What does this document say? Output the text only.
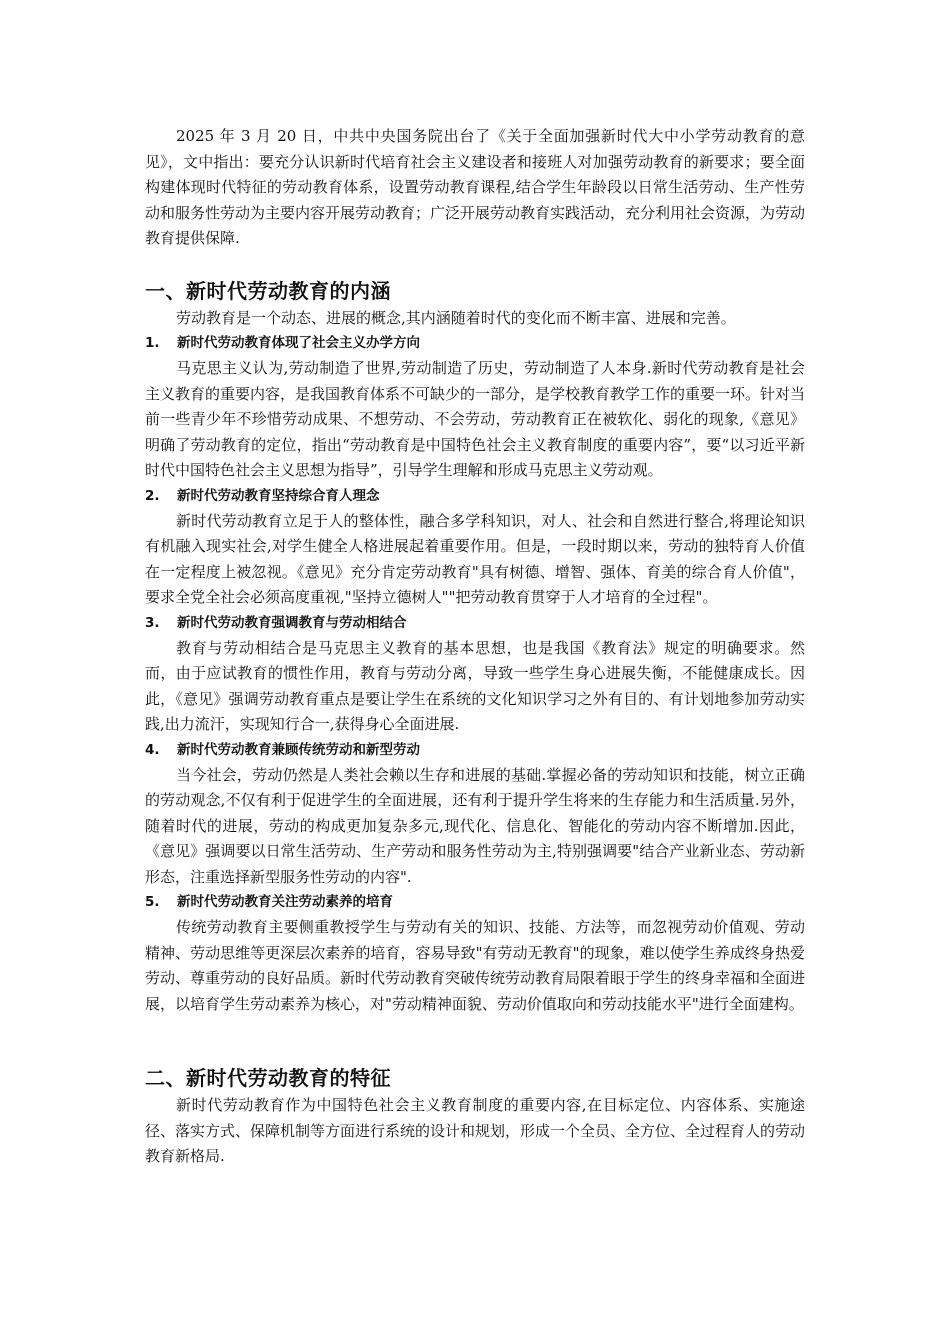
2025 年 3 月 20 日，中共中央国务院出台了《关于全面加强新时代大中小学劳动教育的意见》，文中指出：要充分认识新时代培育社会主义建设者和接班人对加强劳动教育的新要求；要全面构建体现时代特征的劳动教育体系，设置劳动教育课程,结合学生年龄段以日常生活劳动、生产性劳动和服务性劳动为主要内容开展劳动教育；广泛开展劳动教育实践活动，充分利用社会资源，为劳动教育提供保障.

一、新时代劳动教育的内涵

劳动教育是一个动态、进展的概念,其内涵随着时代的变化而不断丰富、进展和完善。

1.	新时代劳动教育体现了社会主义办学方向

马克思主义认为,劳动制造了世界,劳动制造了历史，劳动制造了人本身.新时代劳动教育是社会主义教育的重要内容，是我国教育体系不可缺少的一部分，是学校教育教学工作的重要一环。针对当前一些青少年不珍惜劳动成果、不想劳动、不会劳动，劳动教育正在被软化、弱化的现象,《意见》明确了劳动教育的定位，指出“劳动教育是中国特色社会主义教育制度的重要内容”，要“以习近平新时代中国特色社会主义思想为指导”，引导学生理解和形成马克思主义劳动观。

2.	新时代劳动教育坚持综合育人理念

新时代劳动教育立足于人的整体性，融合多学科知识，对人、社会和自然进行整合,将理论知识有机融入现实社会,对学生健全人格进展起着重要作用。但是，一段时期以来，劳动的独特育人价值在一定程度上被忽视。《意见》充分肯定劳动教育"具有树德、增智、强体、育美的综合育人价值"，要求全党全社会必须高度重视,"坚持立德树人""把劳动教育贯穿于人才培育的全过程"。

3.	新时代劳动教育强调教育与劳动相结合

教育与劳动相结合是马克思主义教育的基本思想，也是我国《教育法》规定的明确要求。然而，由于应试教育的惯性作用，教育与劳动分离，导致一些学生身心进展失衡，不能健康成长。因此，《意见》强调劳动教育重点是要让学生在系统的文化知识学习之外有目的、有计划地参加劳动实践,出力流汗，实现知行合一,获得身心全面进展.

4.	新时代劳动教育兼顾传统劳动和新型劳动

当今社会，劳动仍然是人类社会赖以生存和进展的基础.掌握必备的劳动知识和技能，树立正确的劳动观念,不仅有利于促进学生的全面进展，还有利于提升学生将来的生存能力和生活质量.另外，随着时代的进展，劳动的构成更加复杂多元,现代化、信息化、智能化的劳动内容不断增加.因此，《意见》强调要以日常生活劳动、生产劳动和服务性劳动为主,特别强调要"结合产业新业态、劳动新形态，注重选择新型服务性劳动的内容".

5.	新时代劳动教育关注劳动素养的培育

传统劳动教育主要侧重教授学生与劳动有关的知识、技能、方法等，而忽视劳动价值观、劳动精神、劳动思维等更深层次素养的培育，容易导致"有劳动无教育"的现象，难以使学生养成终身热爱劳动、尊重劳动的良好品质。新时代劳动教育突破传统劳动教育局限着眼于学生的终身幸福和全面进展，以培育学生劳动素养为核心，对"劳动精神面貌、劳动价值取向和劳动技能水平"进行全面建构。

二、新时代劳动教育的特征

新时代劳动教育作为中国特色社会主义教育制度的重要内容,在目标定位、内容体系、实施途径、落实方式、保障机制等方面进行系统的设计和规划，形成一个全员、全方位、全过程育人的劳动教育新格局.
